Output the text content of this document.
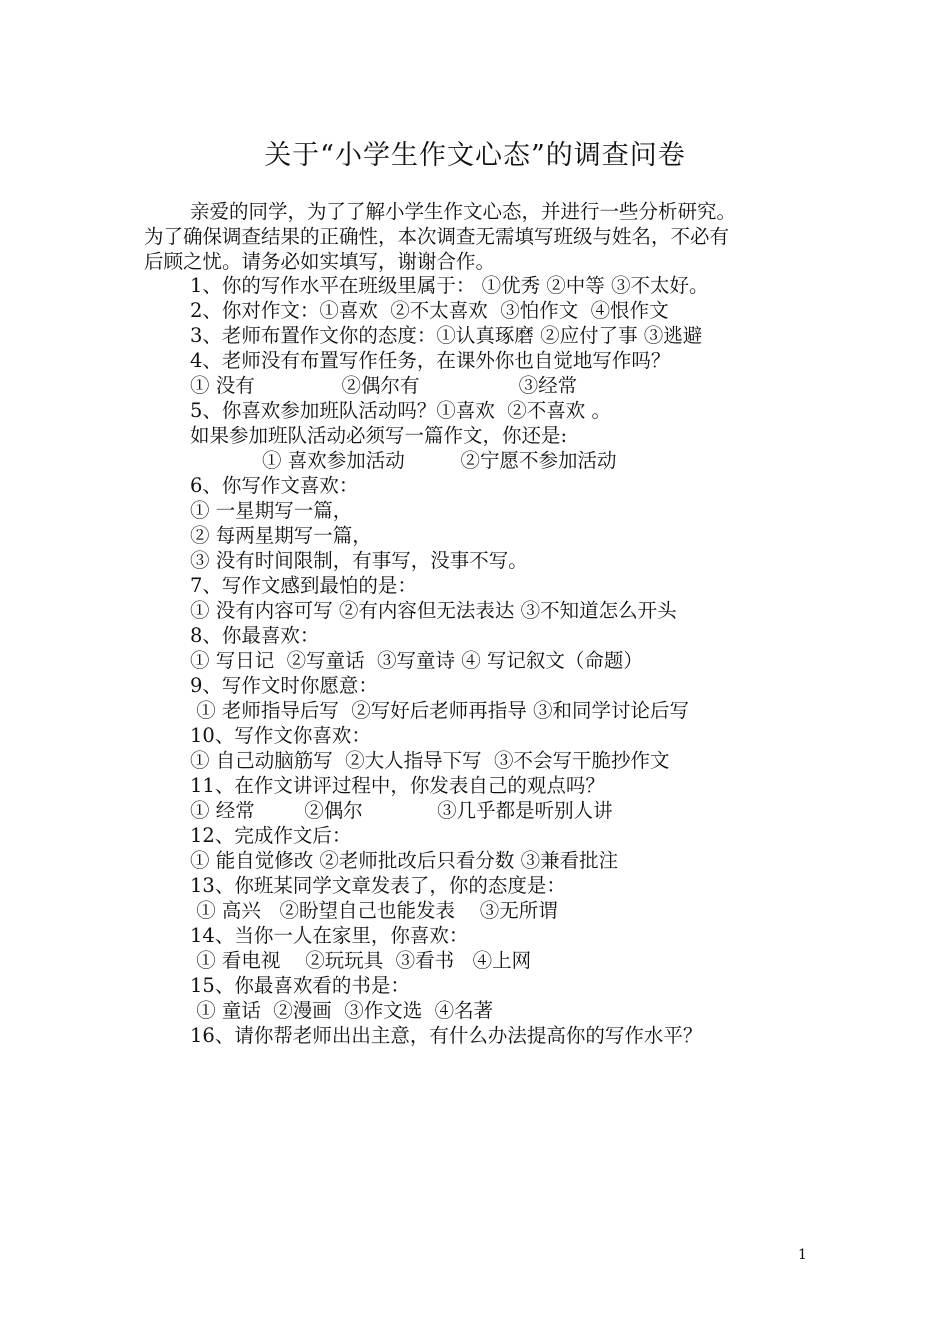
关于“小学生作文心态”的调查问卷
亲爱的同学，为了了解小学生作文心态，并进行一些分析研究。
为了确保调查结果的正确性，本次调查无需填写班级与姓名，不必有
后顾之忧。请务必如实填写，谢谢合作。
1、你的写作水平在班级里属于： ①优秀 ②中等 ③不太好。
2、你对作文：①喜欢  ②不太喜欢  ③怕作文  ④恨作文
3、老师布置作文你的态度：①认真琢磨 ②应付了事 ③逃避
4、老师没有布置写作任务，在课外你也自觉地写作吗？
① 没有              ②偶尔有                ③经常
5、你喜欢参加班队活动吗？①喜欢  ②不喜欢 。
如果参加班队活动必须写一篇作文，你还是:
① 喜欢参加活动         ②宁愿不参加活动
6、你写作文喜欢：
① 一星期写一篇，
② 每两星期写一篇，
③ 没有时间限制，有事写，没事不写。
7、写作文感到最怕的是：
① 没有内容可写 ②有内容但无法表达 ③不知道怎么开头
8、你最喜欢：
① 写日记  ②写童话  ③写童诗 ④ 写记叙文（命题）
9、写作文时你愿意：
① 老师指导后写  ②写好后老师再指导 ③和同学讨论后写
10、写作文你喜欢：
① 自己动脑筋写  ②大人指导下写  ③不会写干脆抄作文
11、在作文讲评过程中，你发表自己的观点吗？
① 经常        ②偶尔            ③几乎都是听别人讲
12、完成作文后：
① 能自觉修改 ②老师批改后只看分数 ③兼看批注
13、你班某同学文章发表了，你的态度是：
① 高兴   ②盼望自己也能发表    ③无所谓
14、当你一人在家里，你喜欢：
① 看电视    ②玩玩具  ③看书   ④上网
15、你最喜欢看的书是：
① 童话  ②漫画  ③作文选  ④名著
16、请你帮老师出出主意，有什么办法提高你的写作水平？
1
